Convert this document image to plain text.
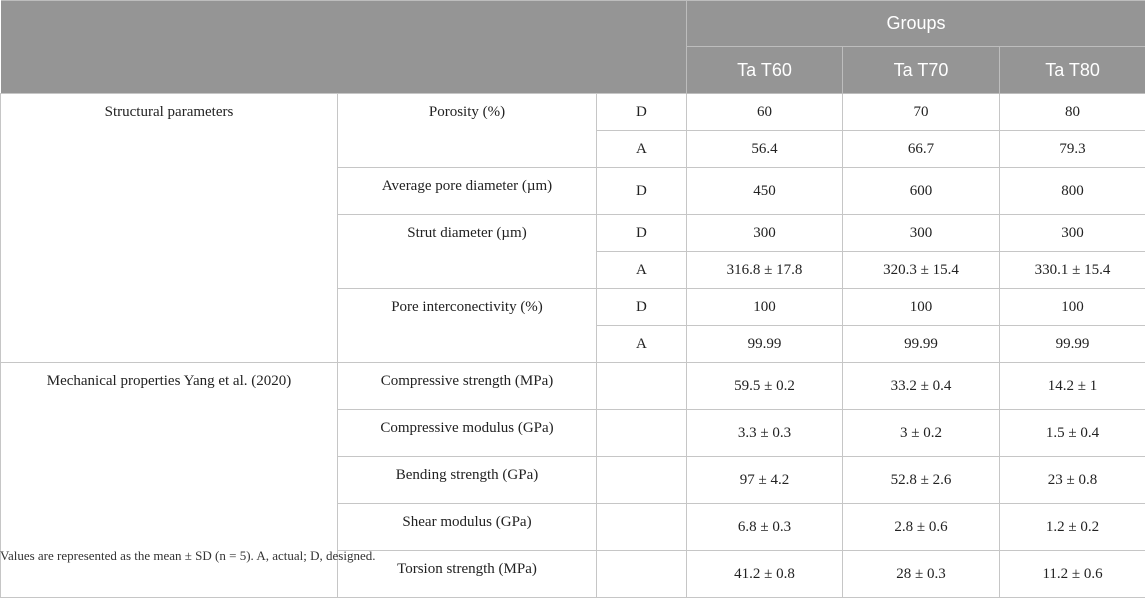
			Groups		
			Ta T60	Ta T70	Ta T80
Structural parameters	Porosity (%)	D	60	70	80
		A	56.4	66.7	79.3
	Average pore diameter (µm)	D	450	600	800
	Strut diameter (µm)	D	300	300	300
		A	316.8 ± 17.8	320.3 ± 15.4	330.1 ± 15.4
	Pore interconectivity (%)	D	100	100	100
		A	99.99	99.99	99.99
Mechanical properties Yang et al. (2020)	Compressive strength (MPa)		59.5 ± 0.2	33.2 ± 0.4	14.2 ± 1
	Compressive modulus (GPa)		3.3 ± 0.3	3 ± 0.2	1.5 ± 0.4
	Bending strength (GPa)		97 ± 4.2	52.8 ± 2.6	23 ± 0.8
	Shear modulus (GPa)		6.8 ± 0.3	2.8 ± 0.6	1.2 ± 0.2
	Torsion strength (MPa)		41.2 ± 0.8	28 ± 0.3	11.2 ± 0.6
Values are represented as the mean ± SD (n = 5). A, actual; D, designed.
